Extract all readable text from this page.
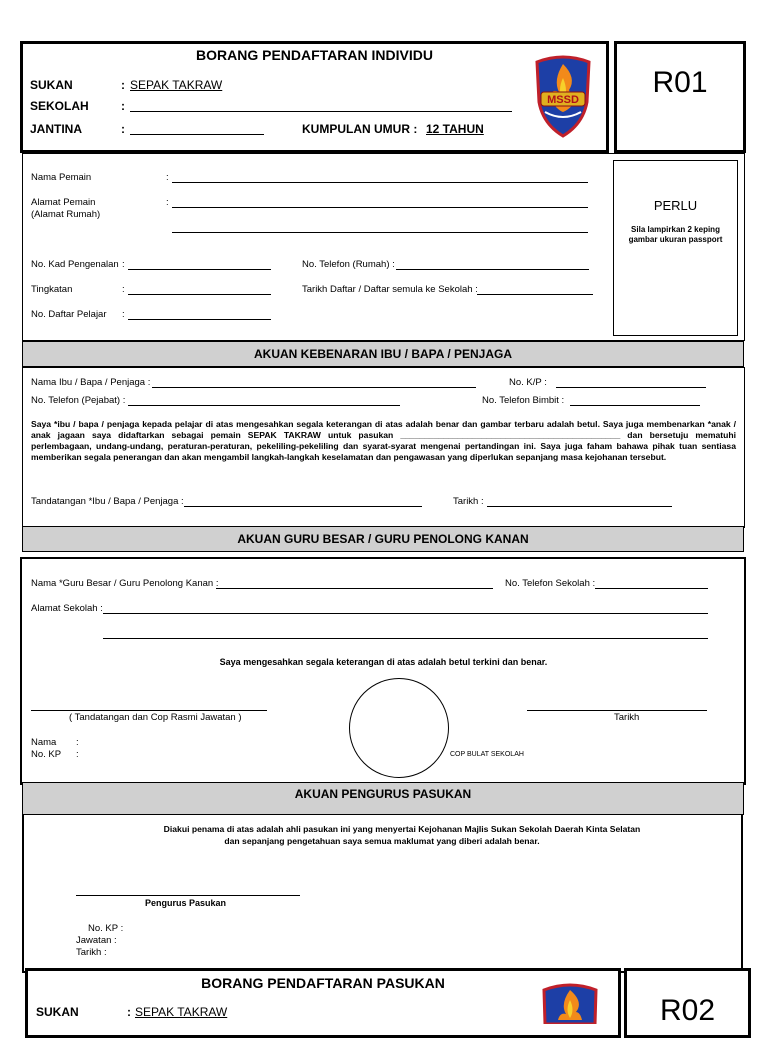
BORANG PENDAFTARAN INDIVIDU
R01
SUKAN	: SEPAK TAKRAW
SEKOLAH	:
JANTINA	:	KUMPULAN UMUR : 12 TAHUN
MSSD
PERLU
Sila lampirkan 2 keping gambar ukuran passport
Nama Pemain	:
Alamat Pemain
(Alamat Rumah)
:
No. Kad Pengenalan :	No. Telefon (Rumah) :
Tingkatan	:	Tarikh Daftar / Daftar semula ke Sekolah :
No. Daftar Pelajar :
AKUAN KEBENARAN IBU / BAPA / PENJAGA
Nama Ibu / Bapa / Penjaga :	No. K/P :
No. Telefon (Pejabat) :	No. Telefon Bimbit :
Saya *ibu / bapa / penjaga kepada pelajar di atas mengesahkan segala keterangan di atas adalah benar dan gambar terbaru adalah betul. Saya juga membenarkan *anak / anak jagaan saya didaftarkan sebagai pemain SEPAK TAKRAW untuk pasukan ______________________________________________ dan bersetuju mematuhi perlembagaan, undang-undang, peraturan-peraturan, pekeliling-pekeliling dan syarat-syarat mengenai pertandingan ini. Saya juga faham bahawa pihak tuan sentiasa memberikan segala penerangan dan akan mengambil langkah-langkah keselamatan dan pengawasan yang diperlukan sepanjang masa kejohanan tersebut.
Tandatangan *Ibu / Bapa / Penjaga :	Tarikh :
AKUAN GURU BESAR / GURU PENOLONG KANAN
Nama *Guru Besar / Guru Penolong Kanan :	No. Telefon Sekolah :
Alamat Sekolah :
Saya mengesahkan segala keterangan di atas adalah betul terkini dan benar.
( Tandatangan dan Cop Rasmi Jawatan )	Tarikh
COP BULAT SEKOLAH
Nama :
No. KP :
AKUAN PENGURUS PASUKAN
Diakui penama di atas adalah ahli pasukan ini yang menyertai Kejohanan Majlis Sukan Sekolah Daerah Kinta Selatan
dan sepanjang pengetahuan saya semua maklumat yang diberi adalah benar.
Pengurus Pasukan
No. KP :
Jawatan :
Tarikh :
BORANG PENDAFTARAN PASUKAN
R02
SUKAN	: SEPAK TAKRAW
